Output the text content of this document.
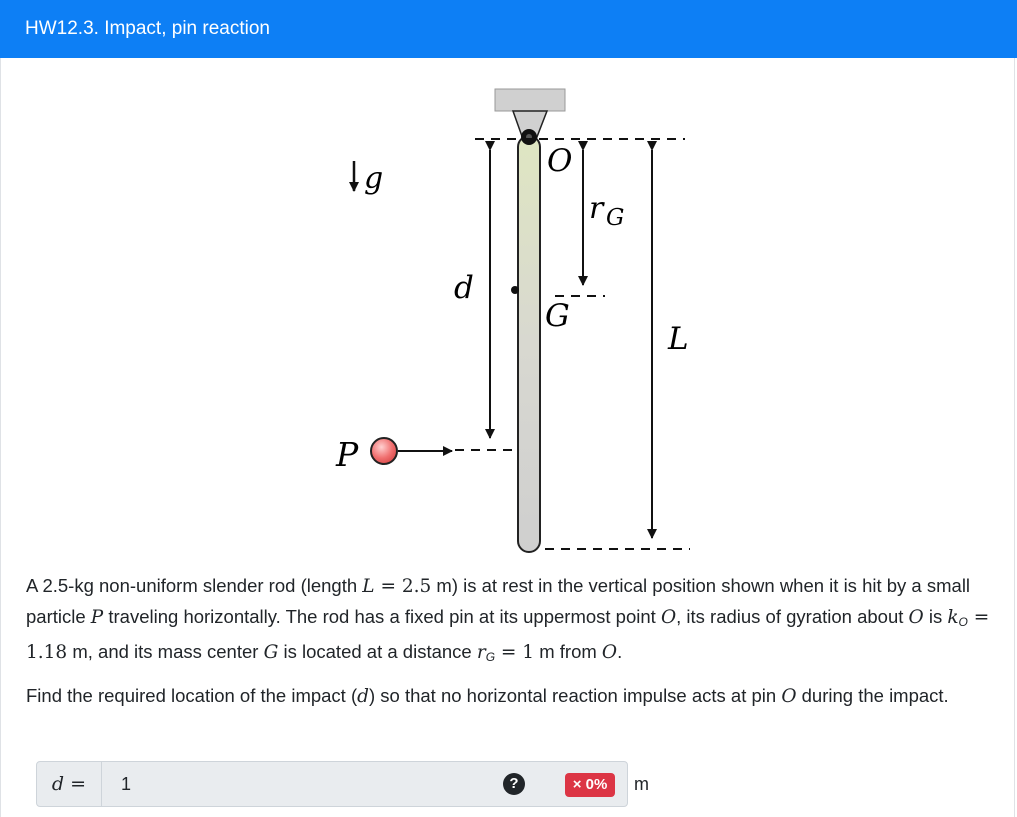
HW12.3. Impact, pin reaction
g	O
r G
d
G
L
P

A 2.5-kg non-uniform slender rod (length L = 2.5 m) is at rest in the vertical position shown when it is hit by a small particle P traveling horizontally. The rod has a fixed pin at its uppermost point O, its radius of gyration about O is $k_O = 1.18$ m, and its mass center G is located at a distance $r_G = 1$ m from O.

Find the required location of the impact (d) so that no horizontal reaction impulse acts at pin O during the impact.

d =
1	?	× 0%	m
